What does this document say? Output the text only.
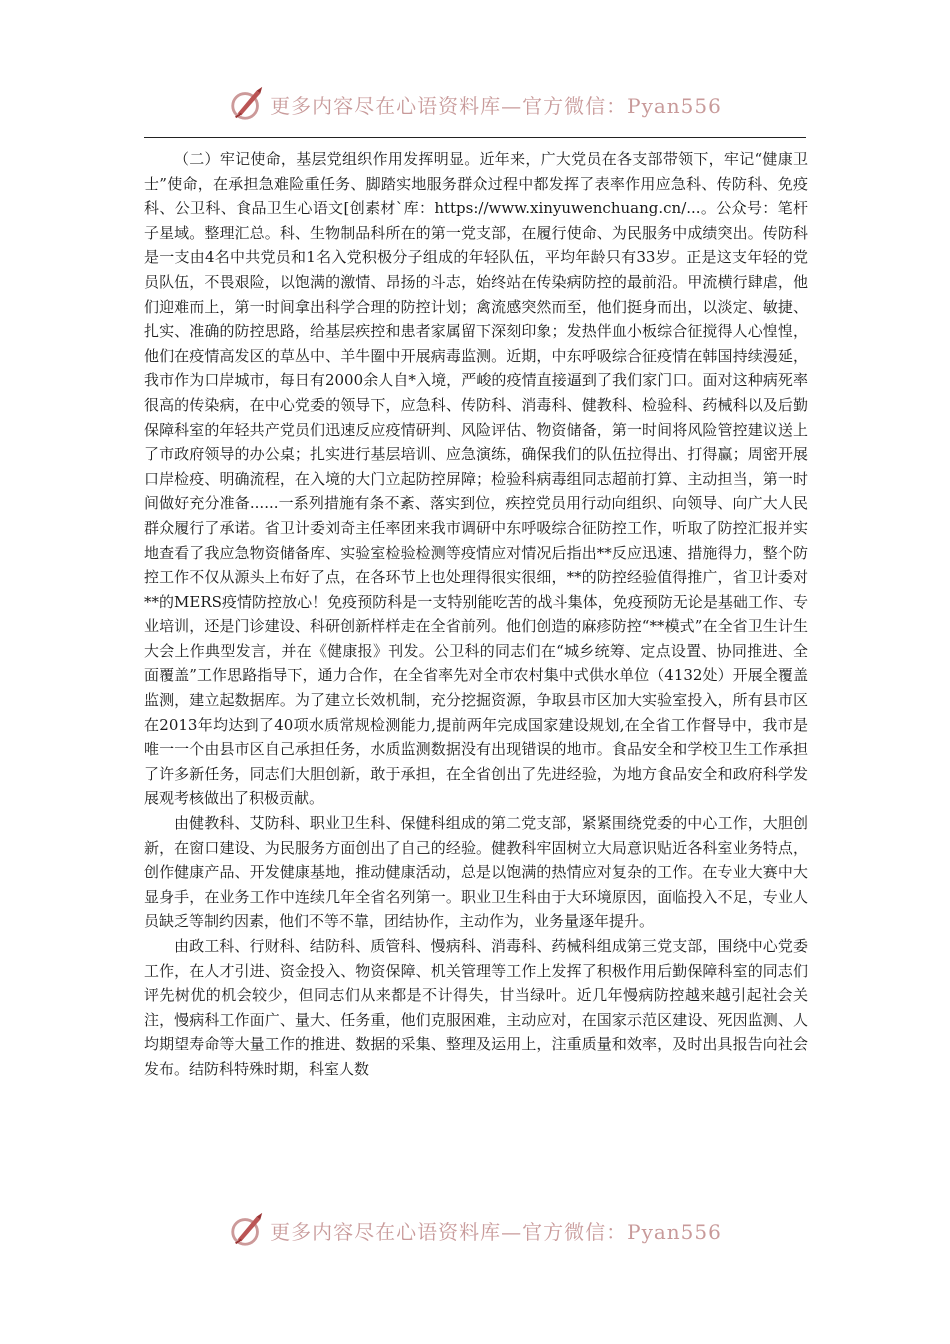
更多内容尽在心语资料库—官方微信：Pyan556

（二）牢记使命，基层党组织作用发挥明显。近年来，广大党员在各支部带领下，牢记“健康卫士”使命，在承担急难险重任务、脚踏实地服务群众过程中都发挥了表率作用应急科、传防科、免疫科、公卫科、食品卫生心语文[创素材`库：https://www.xinyuwenchuang.cn/...。公众号：笔杆子星域。整理汇总。科、生物制品科所在的第一党支部，在履行使命、为民服务中成绩突出。传防科是一支由4名中共党员和1名入党积极分子组成的年轻队伍，平均年龄只有33岁。正是这支年轻的党员队伍，不畏艰险，以饱满的激情、昂扬的斗志，始终站在传染病防控的最前沿。甲流横行肆虐，他们迎难而上，第一时间拿出科学合理的防控计划；禽流感突然而至，他们挺身而出，以淡定、敏捷、扎实、准确的防控思路，给基层疾控和患者家属留下深刻印象；发热伴血小板综合征搅得人心惶惶，他们在疫情高发区的草丛中、羊牛圈中开展病毒监测。近期，中东呼吸综合征疫情在韩国持续漫延，我市作为口岸城市，每日有2000余人自*入境，严峻的疫情直接逼到了我们家门口。面对这种病死率很高的传染病，在中心党委的领导下，应急科、传防科、消毒科、健教科、检验科、药械科以及后勤保障科室的年轻共产党员们迅速反应疫情研判、风险评估、物资储备，第一时间将风险管控建议送上了市政府领导的办公桌；扎实进行基层培训、应急演练，确保我们的队伍拉得出、打得赢；周密开展口岸检疫、明确流程，在入境的大门立起防控屏障；检验科病毒组同志超前打算、主动担当，第一时间做好充分准备......一系列措施有条不紊、落实到位，疾控党员用行动向组织、向领导、向广大人民群众履行了承诺。省卫计委刘奇主任率团来我市调研中东呼吸综合征防控工作，听取了防控汇报并实地查看了我应急物资储备库、实验室检验检测等疫情应对情况后指出**反应迅速、措施得力，整个防控工作不仅从源头上布好了点，在各环节上也处理得很实很细，**的防控经验值得推广，省卫计委对**的MERS疫情防控放心！免疫预防科是一支特别能吃苦的战斗集体，免疫预防无论是基础工作、专业培训，还是门诊建设、科研创新样样走在全省前列。他们创造的麻疹防控“**模式”在全省卫生计生大会上作典型发言，并在《健康报》刊发。公卫科的同志们在“城乡统筹、定点设置、协同推进、全面覆盖”工作思路指导下，通力合作，在全省率先对全市农村集中式供水单位（4132处）开展全覆盖监测，建立起数据库。为了建立长效机制，充分挖掘资源，争取县市区加大实验室投入，所有县市区在2013年均达到了40项水质常规检测能力,提前两年完成国家建设规划,在全省工作督导中，我市是唯一一个由县市区自己承担任务，水质监测数据没有出现错误的地市。食品安全和学校卫生工作承担了许多新任务，同志们大胆创新，敢于承担，在全省创出了先进经验，为地方食品安全和政府科学发展观考核做出了积极贡献。

由健教科、艾防科、职业卫生科、保健科组成的第二党支部，紧紧围绕党委的中心工作，大胆创新，在窗口建设、为民服务方面创出了自己的经验。健教科牢固树立大局意识贴近各科室业务特点，创作健康产品、开发健康基地，推动健康活动，总是以饱满的热情应对复杂的工作。在专业大赛中大显身手，在业务工作中连续几年全省名列第一。职业卫生科由于大环境原因，面临投入不足，专业人员缺乏等制约因素，他们不等不靠，团结协作，主动作为，业务量逐年提升。

由政工科、行财科、结防科、质管科、慢病科、消毒科、药械科组成第三党支部，围绕中心党委工作，在人才引进、资金投入、物资保障、机关管理等工作上发挥了积极作用后勤保障科室的同志们评先树优的机会较少，但同志们从来都是不计得失，甘当绿叶。近几年慢病防控越来越引起社会关注，慢病科工作面广、量大、任务重，他们克服困难，主动应对，在国家示范区建设、死因监测、人均期望寿命等大量工作的推进、数据的采集、整理及运用上，注重质量和效率，及时出具报告向社会发布。结防科特殊时期，科室人数

更多内容尽在心语资料库—官方微信：Pyan556
